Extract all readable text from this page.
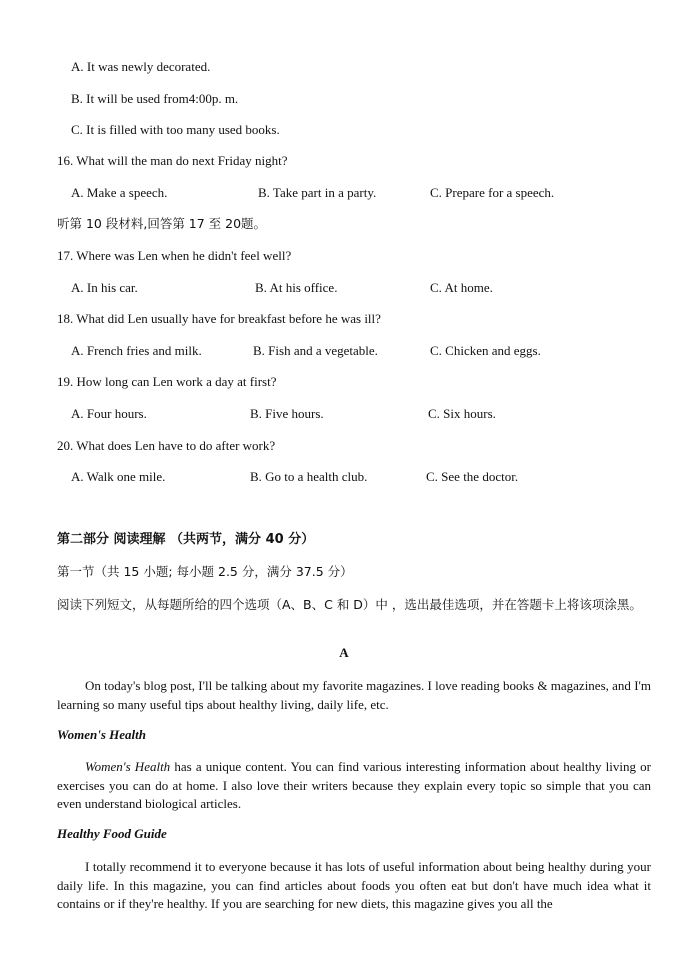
A. It was newly decorated.
B. It will be used from4:00p. m.
C. It is filled with too many used books.
16. What will the man do next Friday night?
A. Make a speech.	B. Take part in a party.	C. Prepare for a speech.
听第 10 段材料,回答第 17 至 20题。
17. Where was Len when he didn't feel well?
A. In his car.	B. At his office.	C. At home.
18. What did Len usually have for breakfast before he was ill?
A. French fries and milk.	B. Fish and a vegetable.	C. Chicken and eggs.
19. How long can Len work a day at first?
A. Four hours.	B. Five hours.	C. Six hours.
20. What does Len have to do after work?
A. Walk one mile.	B. Go to a health club.	C. See the doctor.
第二部分 阅读理解 （共两节，满分 40 分）
第一节（共 15 小题; 每小题 2.5 分，满分 37.5 分）
阅读下列短文，从每题所给的四个选项（A、B、C 和 D）中 ，选出最佳选项，并在答题卡上将该项涂黑。
A
On today's blog post, I'll be talking about my favorite magazines. I love reading books & magazines, and I'm learning so many useful tips about healthy living, daily life, etc.
Women's Health
Women's Health has a unique content. You can find various interesting information about healthy living or exercises you can do at home. I also love their writers because they explain every topic so simple that you can even understand biological articles.
Healthy Food Guide
I totally recommend it to everyone because it has lots of useful information about being healthy during your daily life. In this magazine, you can find articles about foods you often eat but don't have much idea what it contains or if they're healthy. If you are searching for new diets, this magazine gives you all the
